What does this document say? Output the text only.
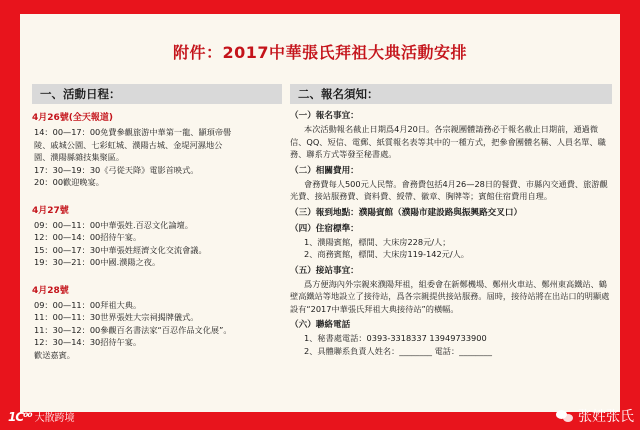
附件：2017中華張氏拜祖大典活動安排
一、活動日程：
4月26號(全天報道)
14：00—17：00免費參觀旅游中華第一龍、顓頊帝嚳
陵、戚城公園、七彩虹城、濮陽古城、金堤河濕地公
園、濮陽縣雜技集聚區。
17：30—19：30《弓從天降》電影首映式。
20：00歡迎晚宴。
4月27號
09：00—11：00中華張姓.百忍文化論壇。
12：00—14：00招待午宴。
15：00—17：30中華張姓經濟文化交流會議。
19：30—21：00中國.濮陽之夜。
4月28號
09：00—11：00拜祖大典。
11：00—11：30世界張姓大宗祠揭牌儀式。
11：30—12：00參觀百名書法家“百忍作品文化展”。
12：30—14：30招待午宴。
歡送嘉賓。
二、報名須知：
（一）報名事宜：
本次活動報名截止日期爲4月20日。各宗親團體請務必于報名截止日期前，通過微信、QQ、短信、電郵、紙質報名表等其中的一種方式，把參會團體名稱、人員名單、職務、聯系方式等發至秘書處。
（二）相關費用：
會務費每人500元人民幣。會務費包括4月26—28日的餐費、市縣內交通費、旅游觀光費、接站服務費、資料費、綬帶、徽章、胸牌等；賓館住宿費用自理。
（三）報到地點：濮陽賓館（濮陽市建設路與振興路交叉口）
（四）住宿標準：
1、濮陽賓館，標間、大床房228元/人；
2、商務賓館，標間、大床房119-142元/人。
（五）接站事宜：
爲方便海內外宗親來濮陽拜祖，組委會在新鄭機場、鄭州火車站、鄭州東高鐵站、鶴壁高鐵站等地設立了接待站，爲各宗親提供接站服務。屆時，接待站將在出站口的明顯處設有“2017中華張氏拜祖大典接待站”的橫幅。
（六）聯絡電話
1、秘書處電話：0393-3318337 13949733900
2、具體聯系負責人姓名：________ 電話：________
1C⁰⁰ 大散跨境	张姓张氏
